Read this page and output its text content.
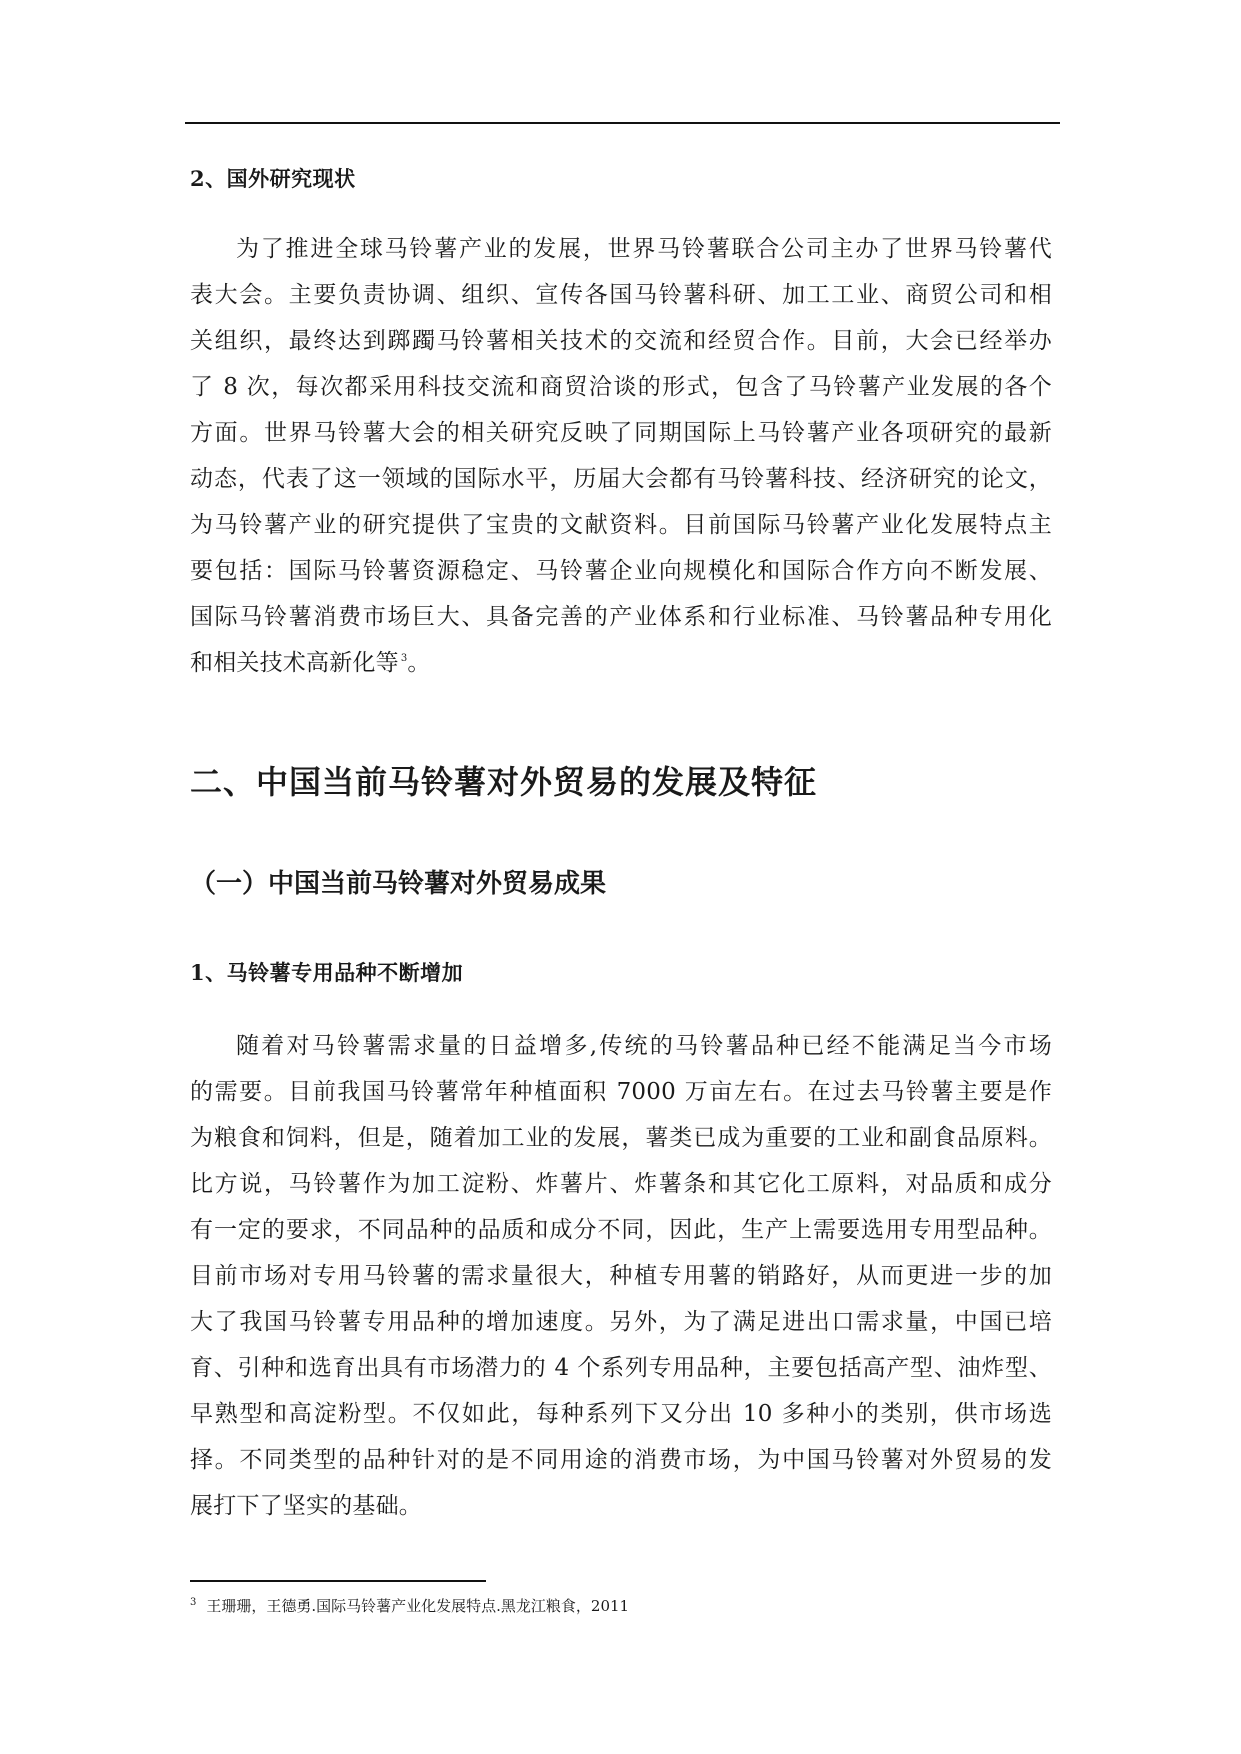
2、国外研究现状
为了推进全球马铃薯产业的发展，世界马铃薯联合公司主办了世界马铃薯代
表大会。主要负责协调、组织、宣传各国马铃薯科研、加工工业、商贸公司和相
关组织，最终达到踯躅马铃薯相关技术的交流和经贸合作。目前，大会已经举办
了 8 次，每次都采用科技交流和商贸洽谈的形式，包含了马铃薯产业发展的各个
方面。世界马铃薯大会的相关研究反映了同期国际上马铃薯产业各项研究的最新
动态，代表了这一领域的国际水平，历届大会都有马铃薯科技、经济研究的论文，
为马铃薯产业的研究提供了宝贵的文献资料。目前国际马铃薯产业化发展特点主
要包括：国际马铃薯资源稳定、马铃薯企业向规模化和国际合作方向不断发展、
国际马铃薯消费市场巨大、具备完善的产业体系和行业标准、马铃薯品种专用化
和相关技术高新化等 $^3$。
二、中国当前马铃薯对外贸易的发展及特征
（一）中国当前马铃薯对外贸易成果
1、马铃薯专用品种不断增加
随着对马铃薯需求量的日益增多,传统的马铃薯品种已经不能满足当今市场
的需要。目前我国马铃薯常年种植面积 7000 万亩左右。在过去马铃薯主要是作
为粮食和饲料，但是，随着加工业的发展，薯类已成为重要的工业和副食品原料。
比方说，马铃薯作为加工淀粉、炸薯片、炸薯条和其它化工原料，对品质和成分
有一定的要求，不同品种的品质和成分不同，因此，生产上需要选用专用型品种。
目前市场对专用马铃薯的需求量很大，种植专用薯的销路好，从而更进一步的加
大了我国马铃薯专用品种的增加速度。另外，为了满足进出口需求量，中国已培
育、引种和选育出具有市场潜力的 4 个系列专用品种，主要包括高产型、油炸型、
早熟型和高淀粉型。不仅如此，每种系列下又分出 10 多种小的类别，供市场选
择。不同类型的品种针对的是不同用途的消费市场，为中国马铃薯对外贸易的发
展打下了坚实的基础。
$^3$ 王珊珊，王德勇.国际马铃薯产业化发展特点.黑龙江粮食，2011
